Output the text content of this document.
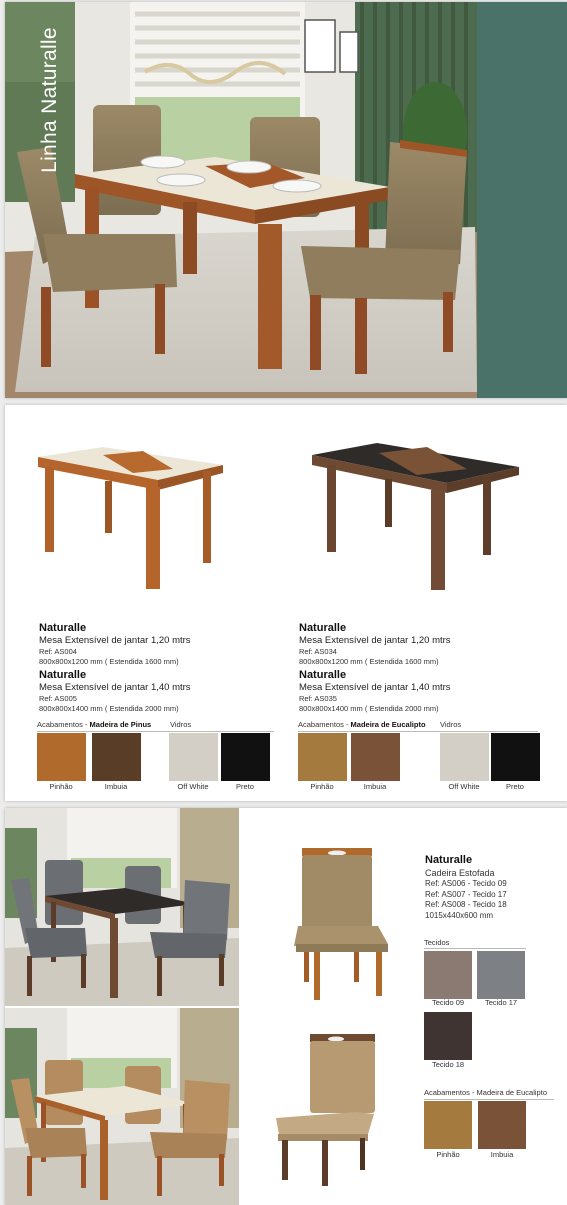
Linha Naturalle
Naturalle
Mesa Extensível de jantar 1,20 mtrs
Ref: AS004
800x800x1200 mm ( Estendida 1600 mm)
Naturalle
Mesa Extensível de jantar 1,40 mtrs
Ref: AS005
800x800x1400 mm ( Estendida 2000 mm)
Naturalle
Mesa Extensível de jantar 1,20 mtrs
Ref: AS034
800x800x1200 mm ( Estendida 1600 mm)
Naturalle
Mesa Extensível de jantar 1,40 mtrs
Ref: AS035
800x800x1400 mm ( Estendida 2000 mm)
Acabamentos - Madeira de Pinus	Vidros
Pinhão	Imbuia	Off White	Preto
Acabamentos - Madeira de Eucalipto Vidros
Pinhão	Imbuia	Off White	Preto
Naturalle
Cadeira Estofada
Ref: AS006 - Tecido 09
Ref: AS007 - Tecido 17
Ref: AS008 - Tecido 18
1015x440x600 mm
Tecidos
Tecido 09	Tecido 17
Tecido 18
Acabamentos - Madeira de Eucalipto
Pinhão	Imbuia
